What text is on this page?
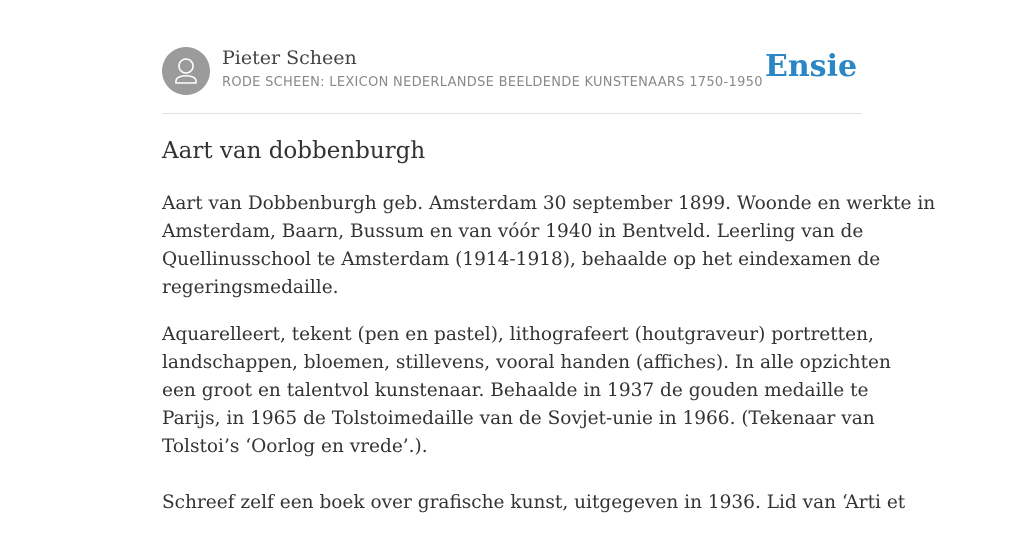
Pieter Scheen
RODE SCHEEN: LEXICON NEDERLANDSE BEELDENDE KUNSTENAARS 1750-1950 Ensie
Aart van dobbenburgh

Aart van Dobbenburgh geb. Amsterdam 30 september 1899. Woonde en werkte in
Amsterdam, Baarn, Bussum en van vóór 1940 in Bentveld. Leerling van de
Quellinusschool te Amsterdam (1914-1918), behaalde op het eindexamen de
regeringsmedaille.

Aquarelleert, tekent (pen en pastel), lithografeert (houtgraveur) portretten,
landschappen, bloemen, stillevens, vooral handen (affiches). In alle opzichten
een groot en talentvol kunstenaar. Behaalde in 1937 de gouden medaille te
Parijs, in 1965 de Tolstoimedaille van de Sovjet-unie in 1966. (Tekenaar van
Tolstoi’s ‘Oorlog en vrede’.).

Schreef zelf een boek over grafische kunst, uitgegeven in 1936. Lid van ‘Arti et
